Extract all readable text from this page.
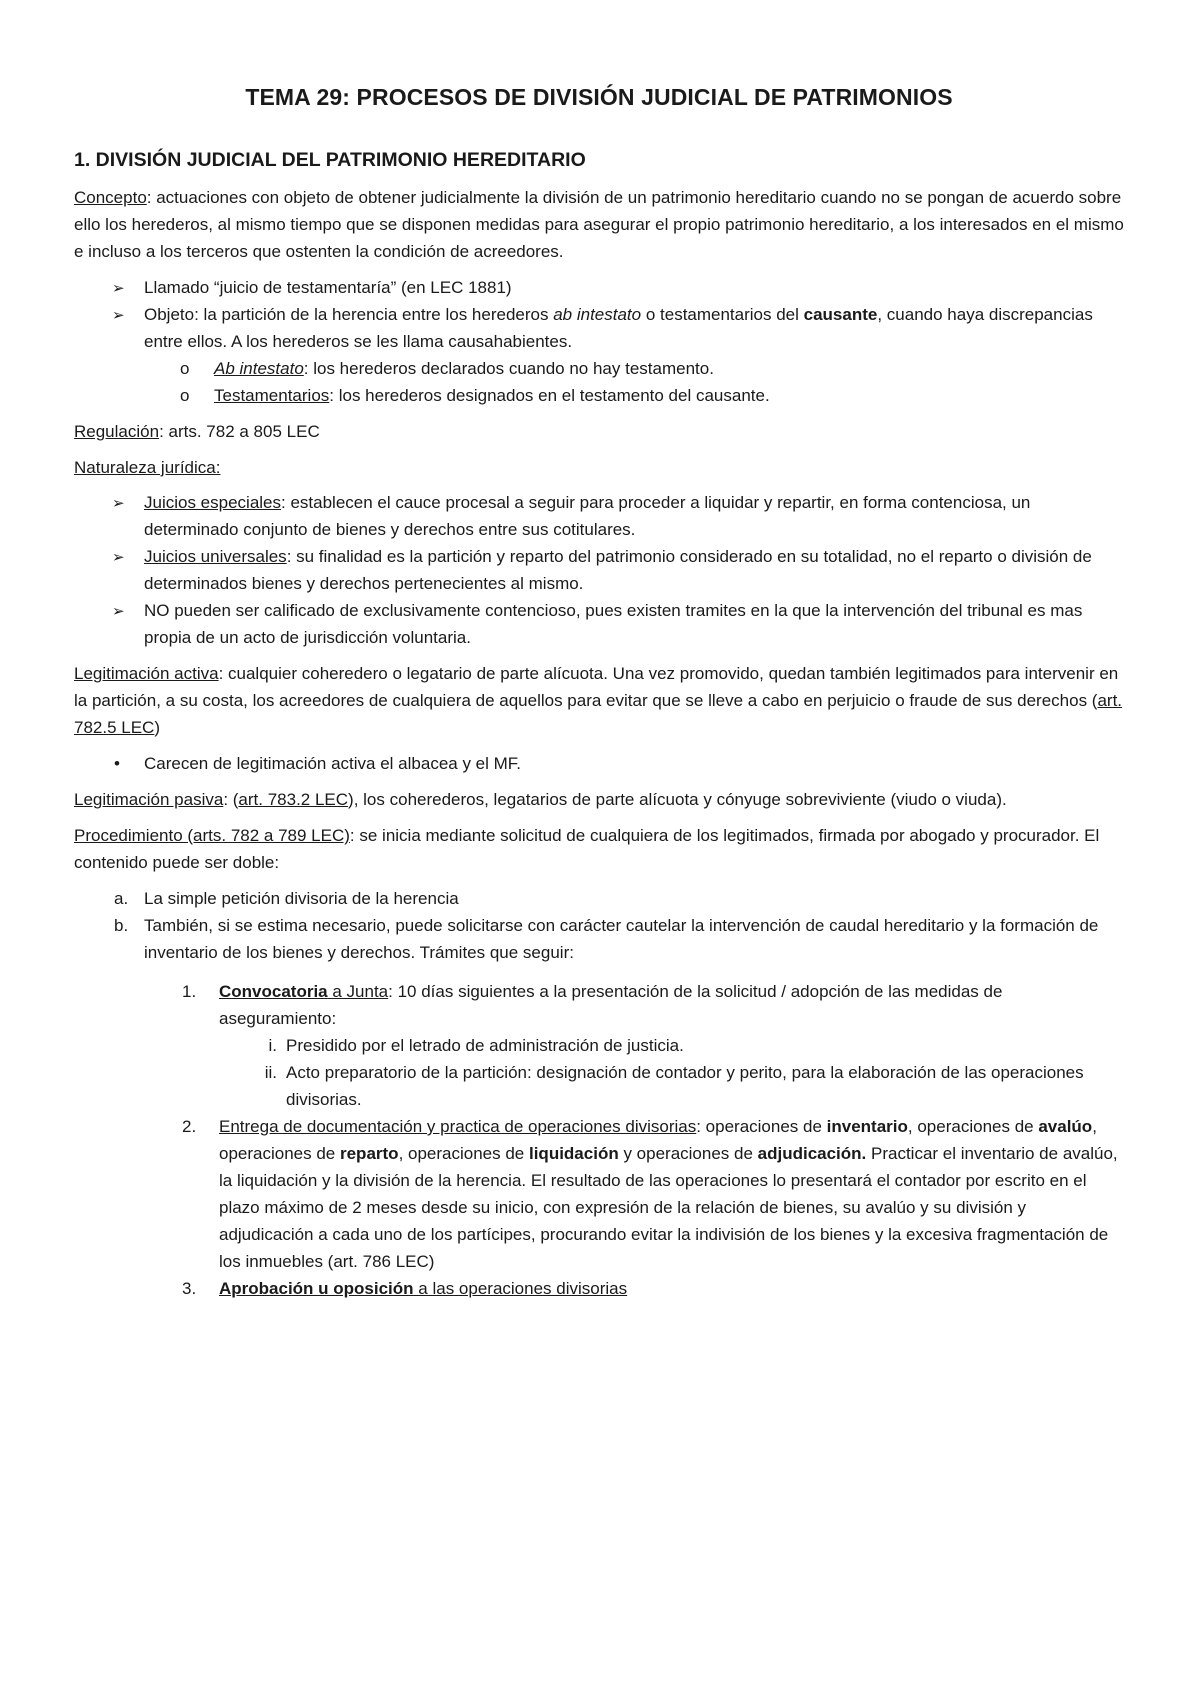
TEMA 29: PROCESOS DE DIVISIÓN JUDICIAL DE PATRIMONIOS
1. DIVISIÓN JUDICIAL DEL PATRIMONIO HEREDITARIO

Concepto: actuaciones con objeto de obtener judicialmente la división de un patrimonio hereditario cuando no se pongan de acuerdo sobre ello los herederos, al mismo tiempo que se disponen medidas para asegurar el propio patrimonio hereditario, a los interesados en el mismo e incluso a los terceros que ostenten la condición de acreedores.

➢
Llamado “juicio de testamentaría” (en LEC 1881)
➢
Objeto: la partición de la herencia entre los herederos ab intestato o testamentarios del causante, cuando haya discrepancias entre ellos. A los herederos se les llama causahabientes.
o Ab intestato: los herederos declarados cuando no hay testamento.
o Testamentarios: los herederos designados en el testamento del causante.

Regulación: arts. 782 a 805 LEC

Naturaleza jurídica:

➢
Juicios especiales: establecen el cauce procesal a seguir para proceder a liquidar y repartir, en forma contenciosa, un determinado conjunto de bienes y derechos entre sus cotitulares.
➢
Juicios universales: su finalidad es la partición y reparto del patrimonio considerado en su totalidad, no el reparto o división de determinados bienes y derechos pertenecientes al mismo.
➢
NO pueden ser calificado de exclusivamente contencioso, pues existen tramites en la que la intervención del tribunal es mas propia de un acto de jurisdicción voluntaria.

Legitimación activa: cualquier coheredero o legatario de parte alícuota. Una vez promovido, quedan también legitimados para intervenir en la partición, a su costa, los acreedores de cualquiera de aquellos para evitar que se lleve a cabo en perjuicio o fraude de sus derechos (art. 782.5 LEC)

• Carecen de legitimación activa el albacea y el MF.

Legitimación pasiva: (art. 783.2 LEC), los coherederos, legatarios de parte alícuota y cónyuge sobreviviente (viudo o viuda).

Procedimiento (arts. 782 a 789 LEC): se inicia mediante solicitud de cualquiera de los legitimados, firmada por abogado y procurador. El contenido puede ser doble:

a. La simple petición divisoria de la herencia
b. También, si se estima necesario, puede solicitarse con carácter cautelar la intervención de caudal hereditario y la formación de inventario de los bienes y derechos. Trámites que seguir:
1. Convocatoria a Junta: 10 días siguientes a la presentación de la solicitud / adopción de las medidas de aseguramiento:
i. Presidido por el letrado de administración de justicia.
ii. Acto preparatorio de la partición: designación de contador y perito, para la elaboración de las operaciones divisorias.
2. Entrega de documentación y practica de operaciones divisorias: operaciones de inventario, operaciones de avalúo, operaciones de reparto, operaciones de liquidación y operaciones de adjudicación. Practicar el inventario de avalúo, la liquidación y la división de la herencia. El resultado de las operaciones lo presentará el contador por escrito en el plazo máximo de 2 meses desde su inicio, con expresión de la relación de bienes, su avalúo y su división y adjudicación a cada uno de los partícipes, procurando evitar la indivisión de los bienes y la excesiva fragmentación de los inmuebles (art. 786 LEC)
3. Aprobación u oposición a las operaciones divisorias
